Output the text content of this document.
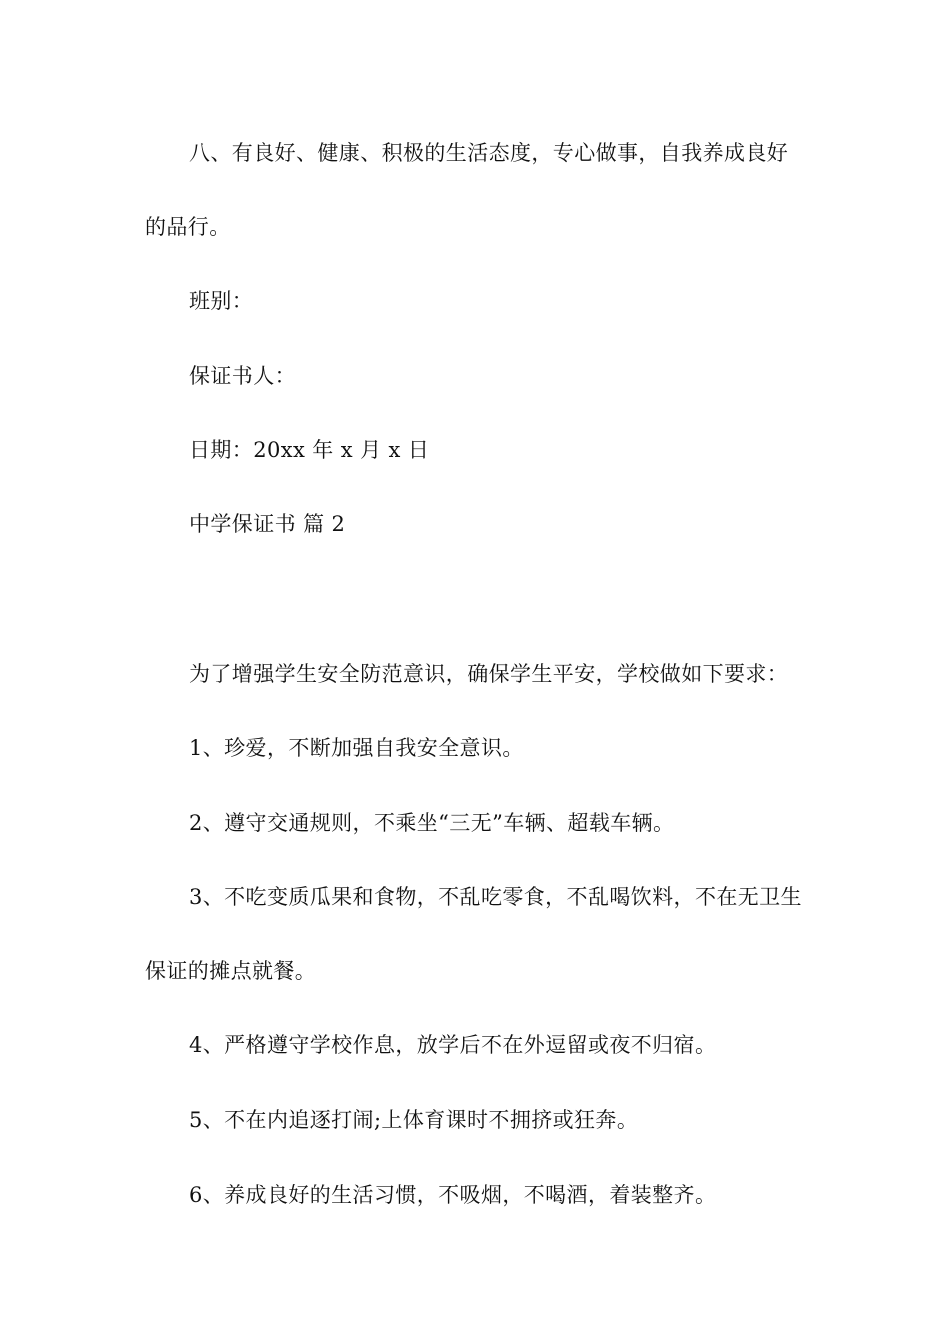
八、有良好、健康、积极的生活态度，专心做事，自我养成良好的品行。

班别：

保证书人：

日期：20xx 年 x 月 x 日

中学保证书 篇 2

为了增强学生安全防范意识，确保学生平安，学校做如下要求：

1、珍爱，不断加强自我安全意识。

2、遵守交通规则，不乘坐“三无”车辆、超载车辆。

3、不吃变质瓜果和食物，不乱吃零食，不乱喝饮料，不在无卫生保证的摊点就餐。

4、严格遵守学校作息，放学后不在外逗留或夜不归宿。

5、不在内追逐打闹;上体育课时不拥挤或狂奔。

6、养成良好的生活习惯，不吸烟，不喝酒，着装整齐。
